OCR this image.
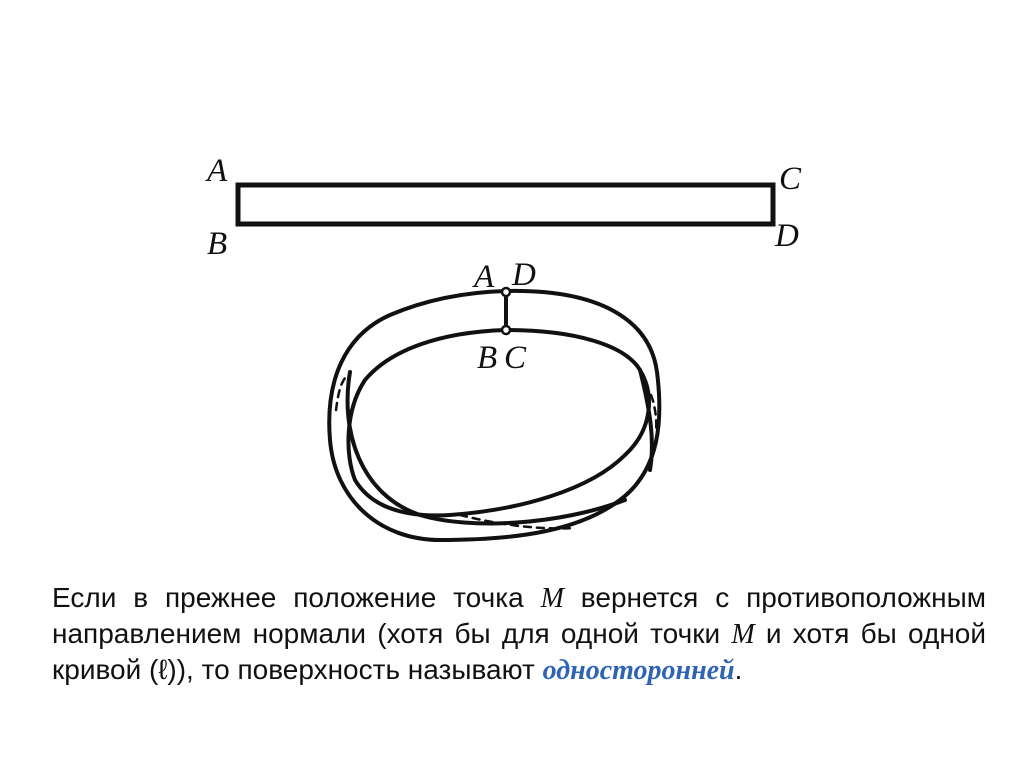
A
B
C
D
A D
B C
Если в прежнее положение точка M вернется с противоположным направлением нормали (хотя бы для одной точки M и хотя бы одной кривой (ℓ)), то поверхность называют односторонней.
